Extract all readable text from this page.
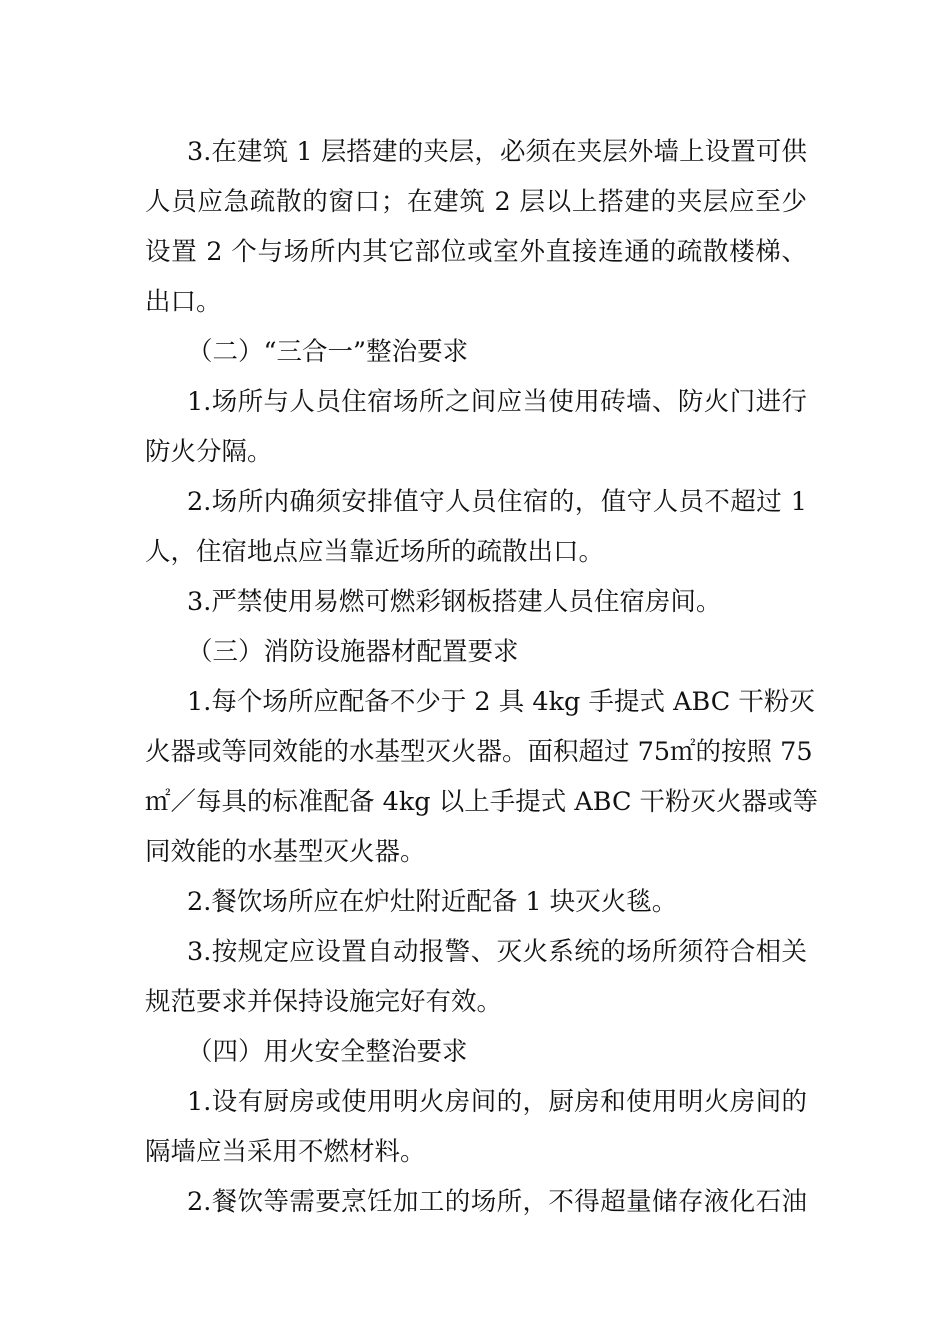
3.在建筑 1 层搭建的夹层，必须在夹层外墙上设置可供
人员应急疏散的窗口；在建筑 2 层以上搭建的夹层应至少
设置 2 个与场所内其它部位或室外直接连通的疏散楼梯、
出口。
（二）“三合一”整治要求
1.场所与人员住宿场所之间应当使用砖墙、防火门进行
防火分隔。
2.场所内确须安排值守人员住宿的，值守人员不超过 1
人，住宿地点应当靠近场所的疏散出口。
3.严禁使用易燃可燃彩钢板搭建人员住宿房间。
（三）消防设施器材配置要求
1.每个场所应配备不少于 2 具 4kg 手提式 ABC 干粉灭
火器或等同效能的水基型灭火器。面积超过 75㎡的按照 75
㎡／每具的标准配备 4kg 以上手提式 ABC 干粉灭火器或等
同效能的水基型灭火器。
2.餐饮场所应在炉灶附近配备 1 块灭火毯。
3.按规定应设置自动报警、灭火系统的场所须符合相关
规范要求并保持设施完好有效。
（四）用火安全整治要求
1.设有厨房或使用明火房间的，厨房和使用明火房间的
隔墙应当采用不燃材料。
2.餐饮等需要烹饪加工的场所，不得超量储存液化石油
